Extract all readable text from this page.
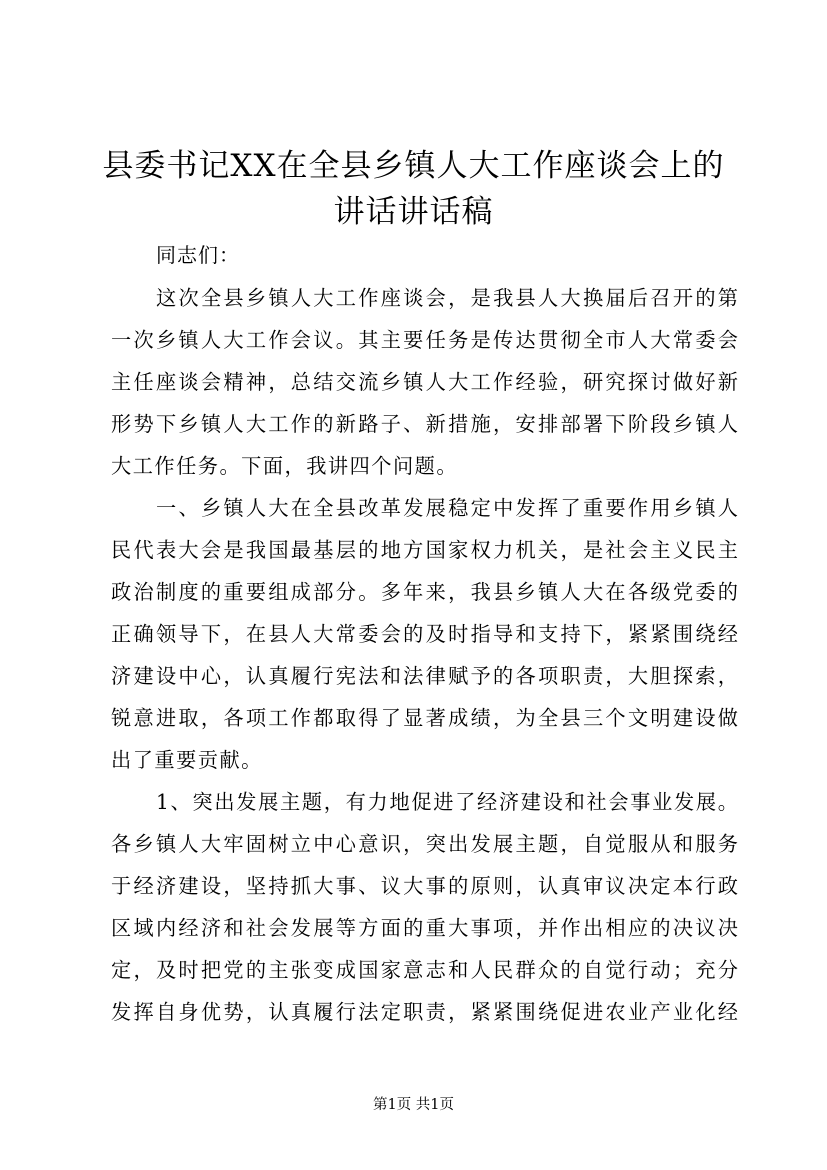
县委书记XX在全县乡镇人大工作座谈会上的
讲话讲话稿
同志们：
这次全县乡镇人大工作座谈会，是我县人大换届后召开的第
一次乡镇人大工作会议。其主要任务是传达贯彻全市人大常委会
主任座谈会精神，总结交流乡镇人大工作经验，研究探讨做好新
形势下乡镇人大工作的新路子、新措施，安排部署下阶段乡镇人
大工作任务。下面，我讲四个问题。
一、乡镇人大在全县改革发展稳定中发挥了重要作用乡镇人
民代表大会是我国最基层的地方国家权力机关，是社会主义民主
政治制度的重要组成部分。多年来，我县乡镇人大在各级党委的
正确领导下，在县人大常委会的及时指导和支持下，紧紧围绕经
济建设中心，认真履行宪法和法律赋予的各项职责，大胆探索，
锐意进取，各项工作都取得了显著成绩，为全县三个文明建设做
出了重要贡献。
1、突出发展主题，有力地促进了经济建设和社会事业发展。
各乡镇人大牢固树立中心意识，突出发展主题，自觉服从和服务
于经济建设，坚持抓大事、议大事的原则，认真审议决定本行政
区域内经济和社会发展等方面的重大事项，并作出相应的决议决
定，及时把党的主张变成国家意志和人民群众的自觉行动；充分
发挥自身优势，认真履行法定职责，紧紧围绕促进农业产业化经
第1页 共1页
